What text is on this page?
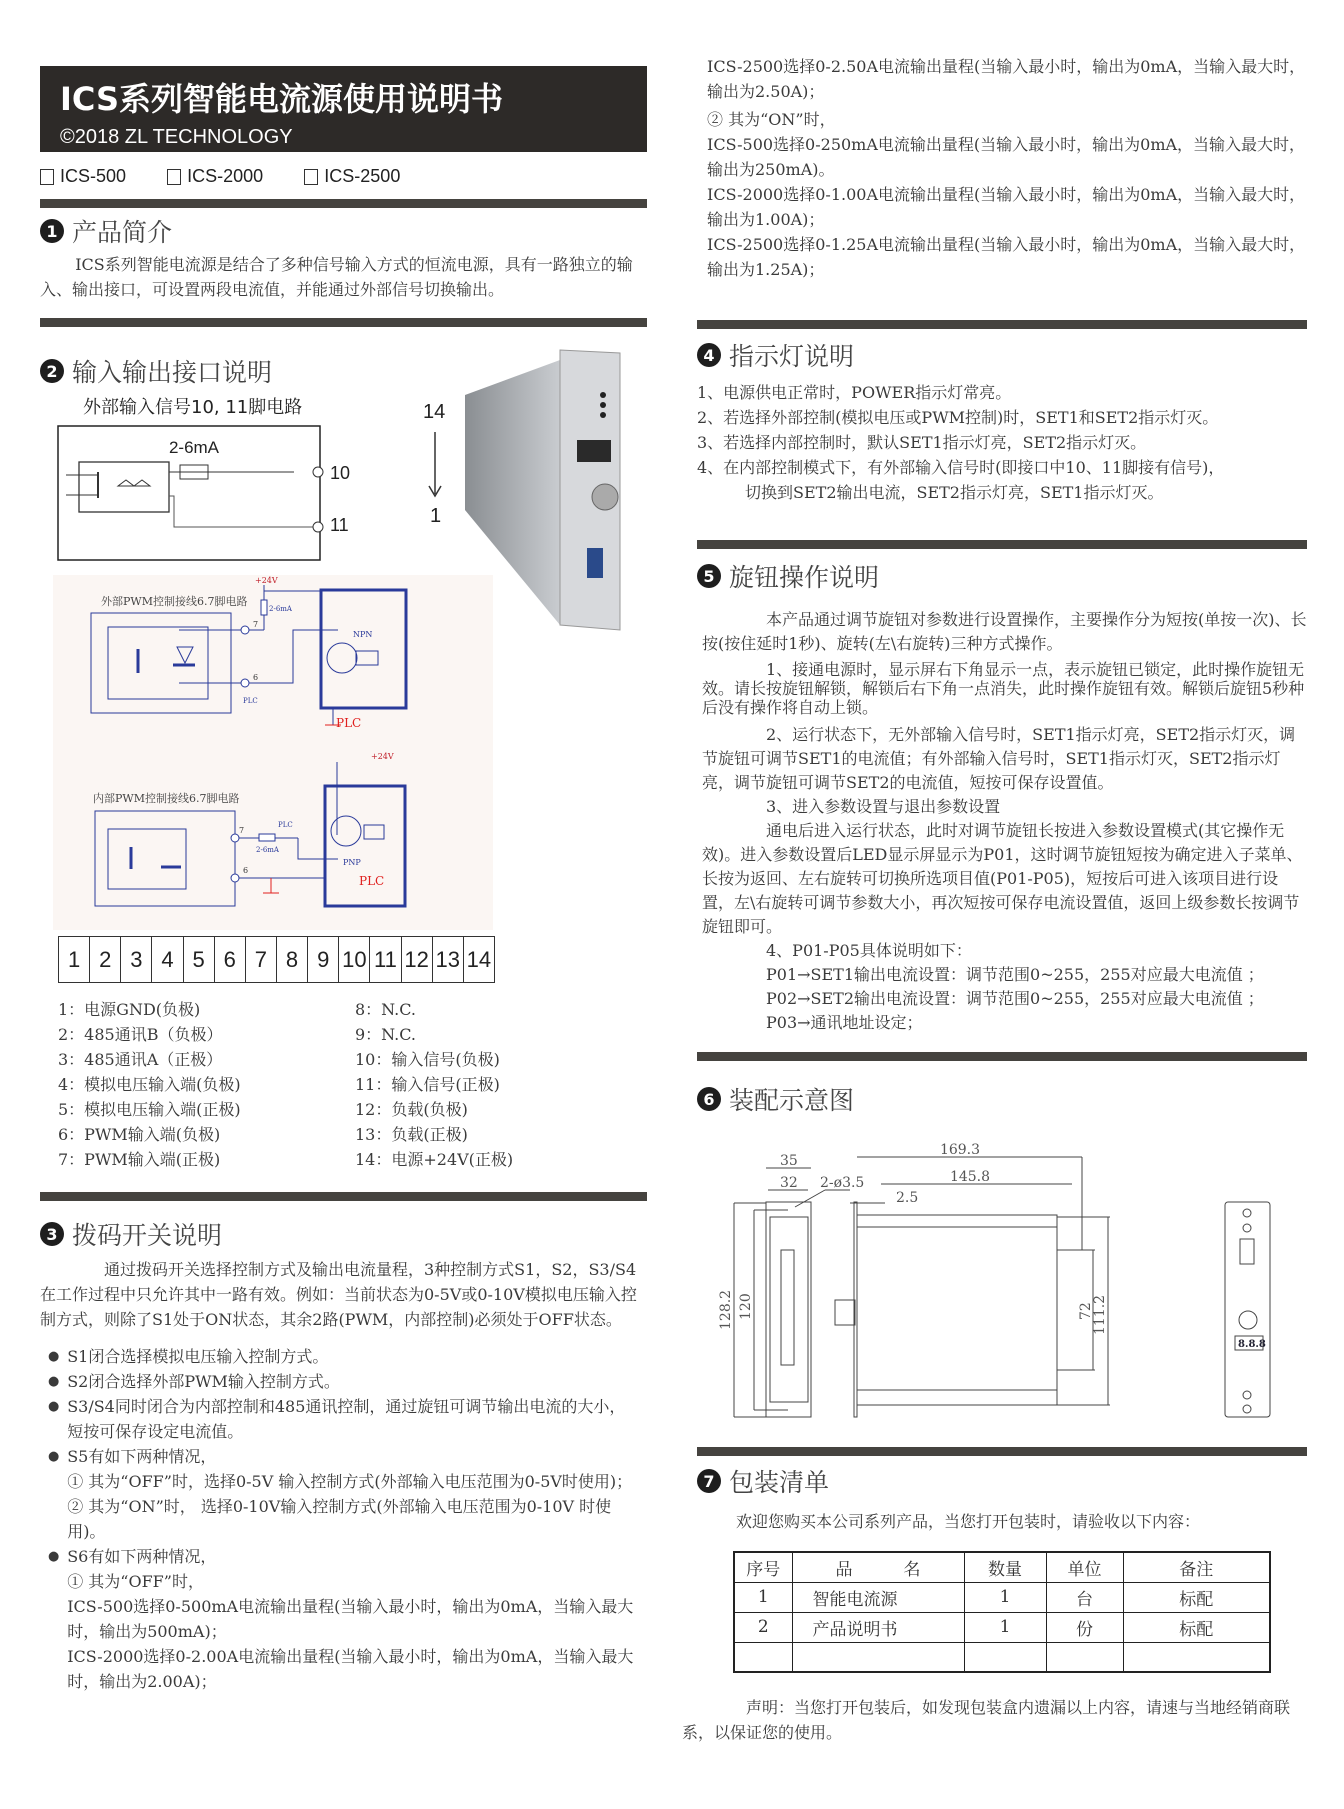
ICS系列智能电流源使用说明书
©2018 ZL TECHNOLOGY
ICS-500
	ICS-2000
	ICS-2500
1 产品简介
ICS系列智能电流源是结合了多种信号输入方式的恒流电源，具有一路独立的输入、输出接口，可设置两段电流值，并能通过外部信号切换输出。
2 输入输出接口说明
外部输入信号10, 11脚电路
2-6mA
10
11
14
1
外部PWM控制接线6.7脚电路
7
6
+24V
2-6mA
PLC
NPN
PLC
+24V
内部PWM控制接线6.7脚电路
7
6
2-6mA
PLC
PNP
PLC
1 2 3 4 5 6 7 8 9 10 11 12 13 14

1：电源GND(负极)

2：485通讯B（负极）

3：485通讯A（正极）

4：模拟电压输入端(负极)

5：模拟电压输入端(正极)

6：PWM输入端(负极)

7：PWM输入端(正极)

8：N.C.

9：N.C.

10：输入信号(负极)

11：输入信号(正极)

12：负载(负极)

13：负载(正极)

14：电源+24V(正极)

3 拨码开关说明

通过拨码开关选择控制方式及输出电流量程，3种控制方式S1，S2，S3/S4在工作过程中只允许其中一路有效。例如：当前状态为0-5V或0-10V模拟电压输入控制方式，则除了S1处于ON状态，其余2路(PWM，内部控制)必须处于OFF状态。

● S1闭合选择模拟电压输入控制方式。

● S2闭合选择外部PWM输入控制方式。

● S3/S4同时闭合为内部控制和485通讯控制，通过旋钮可调节输出电流的大小，短按可保存设定电流值。

● S5有如下两种情况，

① 其为“OFF”时，选择0-5V 输入控制方式(外部输入电压范围为0-5V时使用)；

② 其为“ON”时， 选择0-10V输入控制方式(外部输入电压范围为0-10V 时使用)。

● S6有如下两种情况，

① 其为“OFF”时，

ICS-500选择0-500mA电流输出量程(当输入最小时，输出为0mA，当输入最大时，输出为500mA)；

ICS-2000选择0-2.00A电流输出量程(当输入最小时，输出为0mA，当输入最大时，输出为2.00A)；

ICS-2500选择0-2.50A电流输出量程(当输入最小时，输出为0mA，当输入最大时，输出为2.50A)；

② 其为“ON”时，

ICS-500选择0-250mA电流输出量程(当输入最小时，输出为0mA，当输入最大时，输出为250mA)。

ICS-2000选择0-1.00A电流输出量程(当输入最小时，输出为0mA，当输入最大时，输出为1.00A)；

ICS-2500选择0-1.25A电流输出量程(当输入最小时，输出为0mA，当输入最大时，输出为1.25A)；

4 指示灯说明

1、电源供电正常时，POWER指示灯常亮。

2、若选择外部控制(模拟电压或PWM控制)时，SET1和SET2指示灯灭。

3、若选择内部控制时，默认SET1指示灯亮，SET2指示灯灭。

4、在内部控制模式下，有外部输入信号时(即接口中10、11脚接有信号)，

切换到SET2输出电流，SET2指示灯亮，SET1指示灯灭。

5 旋钮操作说明

本产品通过调节旋钮对参数进行设置操作，主要操作分为短按(单按一次)、长按(按住延时1秒)、旋转(左\右旋转)三种方式操作。

1、接通电源时，显示屏右下角显示一点，表示旋钮已锁定，此时操作旋钮无效。请长按旋钮解锁，解锁后右下角一点消失，此时操作旋钮有效。解锁后旋钮5秒种后没有操作将自动上锁。

2、运行状态下，无外部输入信号时，SET1指示灯亮，SET2指示灯灭，调节旋钮可调节SET1的电流值；有外部输入信号时，SET1指示灯灭，SET2指示灯亮，调节旋钮可调节SET2的电流值，短按可保存设置值。

3、进入参数设置与退出参数设置

通电后进入运行状态，此时对调节旋钮长按进入参数设置模式(其它操作无效)。进入参数设置后LED显示屏显示为P01，这时调节旋钮短按为确定进入子菜单、长按为返回、左右旋转可切换所选项目值(P01-P05)，短按后可进入该项目进行设置，左\右旋转可调节参数大小，再次短按可保存电流设置值，返回上级参数长按调节旋钮即可。

4、P01-P05具体说明如下：

P01→SET1输出电流设置：调节范围0~255，255对应最大电流值 ；

P02→SET2输出电流设置：调节范围0~255，255对应最大电流值 ；

P03→通讯地址设定；

6 装配示意图
35
32 2-ø3.5
169.3
145.8
2.5
128.2 120	72
111.2
8.8.8
7 包装清单
欢迎您购买本公司系列产品，当您打开包装时，请验收以下内容：
序号	品　　　名	数量	单位	备注
1	智能电流源	1	台	标配
2	产品说明书	1	份	标配

声明：当您打开包装后，如发现包装盒内遗漏以上内容，请速与当地经销商联系，以保证您的使用。
